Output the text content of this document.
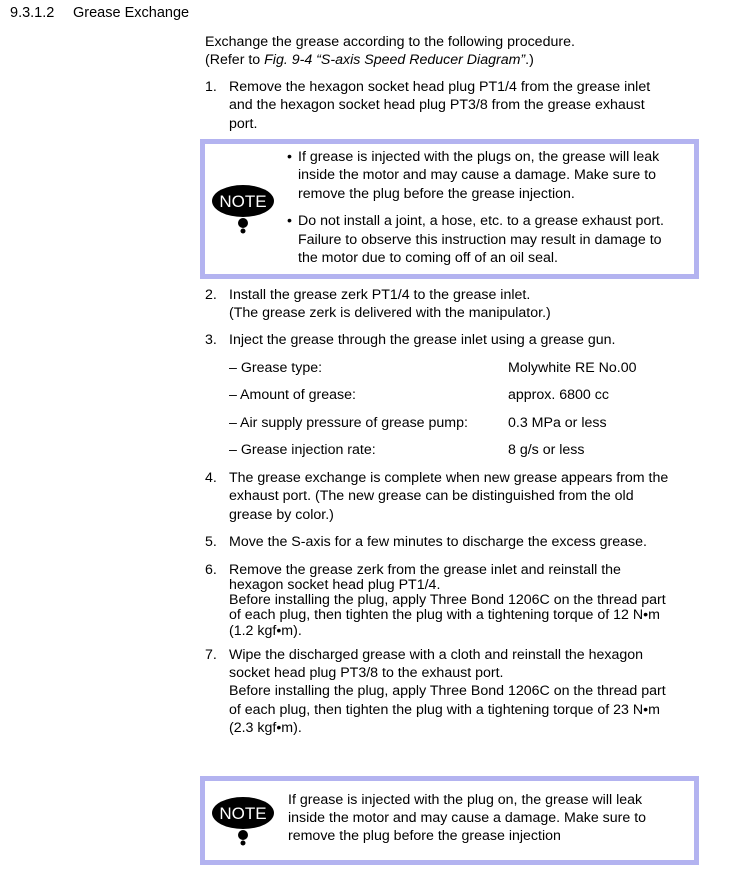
9.3.1.2 Grease Exchange
Exchange the grease according to the following procedure.
(Refer to Fig. 9-4 “S-axis Speed Reducer Diagram”.)
1. Remove the hexagon socket head plug PT1/4 from the grease inlet
and the hexagon socket head plug PT3/8 from the grease exhaust
port.
NOTE
• If grease is injected with the plugs on, the grease will leak
inside the motor and may cause a damage. Make sure to
remove the plug before the grease injection.
• Do not install a joint, a hose, etc. to a grease exhaust port.
Failure to observe this instruction may result in damage to
the motor due to coming off of an oil seal.
2. Install the grease zerk PT1/4 to the grease inlet.
(The grease zerk is delivered with the manipulator.)
3. Inject the grease through the grease inlet using a grease gun.
– Grease type:	Molywhite RE No.00
– Amount of grease:	approx. 6800 cc
– Air supply pressure of grease pump:	0.3 MPa or less
– Grease injection rate:	8 g/s or less
4. The grease exchange is complete when new grease appears from the
exhaust port. (The new grease can be distinguished from the old
grease by color.)
5. Move the S-axis for a few minutes to discharge the excess grease.
6. Remove the grease zerk from the grease inlet and reinstall the
hexagon socket head plug PT1/4.
Before installing the plug, apply Three Bond 1206C on the thread part
of each plug, then tighten the plug with a tightening torque of 12 N•m
(1.2 kgf•m).
7. Wipe the discharged grease with a cloth and reinstall the hexagon
socket head plug PT3/8 to the exhaust port.
Before installing the plug, apply Three Bond 1206C on the thread part
of each plug, then tighten the plug with a tightening torque of 23 N•m
(2.3 kgf•m).
NOTE
If grease is injected with the plug on, the grease will leak
inside the motor and may cause a damage. Make sure to
remove the plug before the grease injection
